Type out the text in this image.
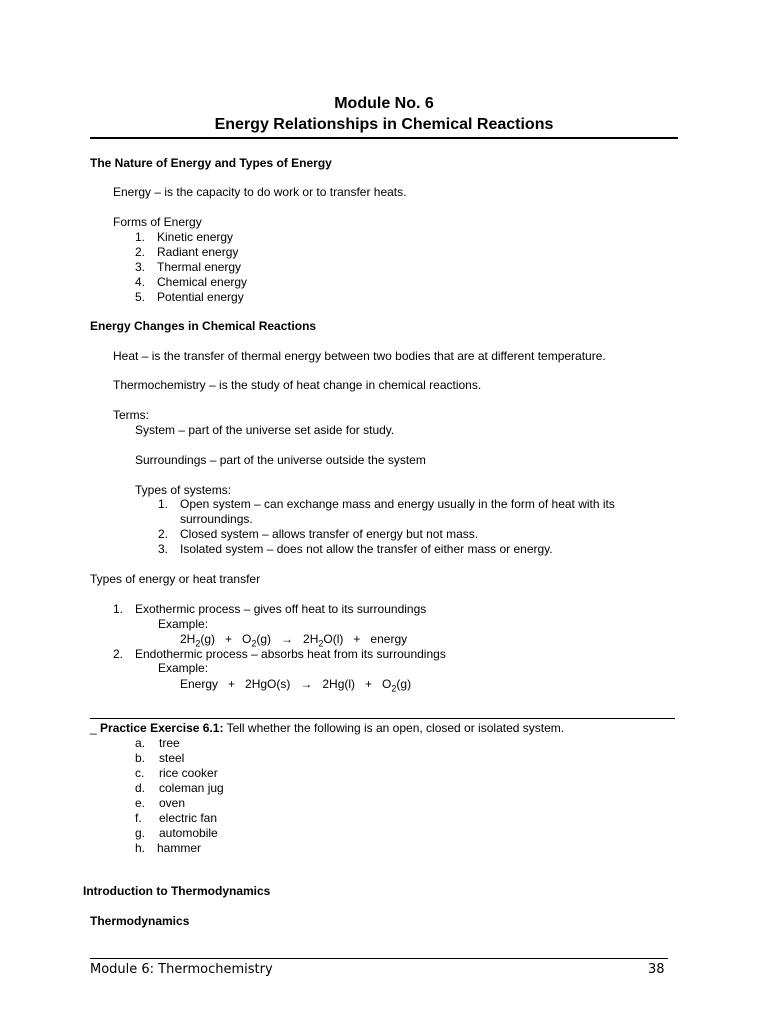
Module No. 6
Energy Relationships in Chemical Reactions
The Nature of Energy and Types of Energy
Energy – is the capacity to do work or to transfer heats.
Forms of Energy
1. Kinetic energy
2. Radiant energy
3. Thermal energy
4. Chemical energy
5. Potential energy
Energy Changes in Chemical Reactions
Heat – is the transfer of thermal energy between two bodies that are at different temperature.
Thermochemistry – is the study of heat change in chemical reactions.
Terms:
System – part of the universe set aside for study.
Surroundings – part of the universe outside the system
Types of systems:
1. Open system – can exchange mass and energy usually in the form of heat with its
surroundings.
2. Closed system – allows transfer of energy but not mass.
3. Isolated system – does not allow the transfer of either mass or energy.
Types of energy or heat transfer
1. Exothermic process – gives off heat to its surroundings
Example:
$2H_2(g) + O_2(g) \to 2H_2O(l)$   +   energy
2. Endothermic process – absorbs heat from its surroundings
Example:
Energy   +   $2HgO(s) \to 2Hg(l) + O_2(g)$
_ Practice Exercise 6.1: Tell whether the following is an open, closed or isolated system.
a. tree
b. steel
c. rice cooker
d. coleman jug
e. oven
f. electric fan
g. automobile
h. hammer
Introduction to Thermodynamics
Thermodynamics
Module 6: Thermochemistry	38
